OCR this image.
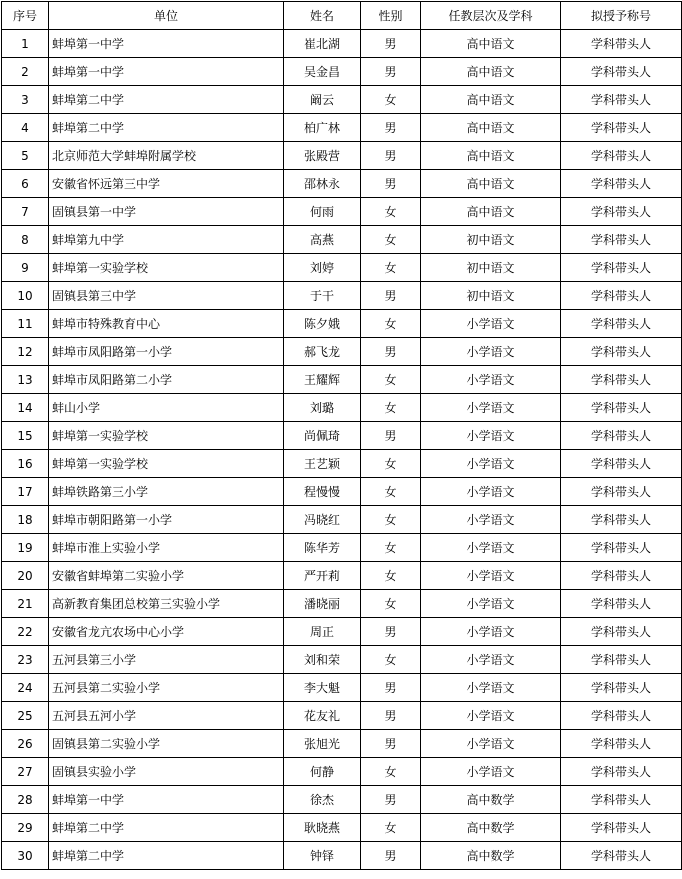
序号	单位	姓名	性别	任教层次及学科	拟授予称号
1	蚌埠第一中学	崔北湖	男	高中语文	学科带头人
2	蚌埠第一中学	吴金昌	男	高中语文	学科带头人
3	蚌埠第二中学	阚云	女	高中语文	学科带头人
4	蚌埠第二中学	柏广林	男	高中语文	学科带头人
5	北京师范大学蚌埠附属学校	张殿营	男	高中语文	学科带头人
6	安徽省怀远第三中学	邵林永	男	高中语文	学科带头人
7	固镇县第一中学	何雨	女	高中语文	学科带头人
8	蚌埠第九中学	高燕	女	初中语文	学科带头人
9	蚌埠第一实验学校	刘婷	女	初中语文	学科带头人
10	固镇县第三中学	于干	男	初中语文	学科带头人
11	蚌埠市特殊教育中心	陈夕娥	女	小学语文	学科带头人
12	蚌埠市凤阳路第一小学	郝飞龙	男	小学语文	学科带头人
13	蚌埠市凤阳路第二小学	王耀辉	女	小学语文	学科带头人
14	蚌山小学	刘璐	女	小学语文	学科带头人
15	蚌埠第一实验学校	尚佩琦	男	小学语文	学科带头人
16	蚌埠第一实验学校	王艺颖	女	小学语文	学科带头人
17	蚌埠铁路第三小学	程慢慢	女	小学语文	学科带头人
18	蚌埠市朝阳路第一小学	冯晓红	女	小学语文	学科带头人
19	蚌埠市淮上实验小学	陈华芳	女	小学语文	学科带头人
20	安徽省蚌埠第二实验小学	严开莉	女	小学语文	学科带头人
21	高新教育集团总校第三实验小学	潘晓丽	女	小学语文	学科带头人
22	安徽省龙亢农场中心小学	周正	男	小学语文	学科带头人
23	五河县第三小学	刘和荣	女	小学语文	学科带头人
24	五河县第二实验小学	李大魁	男	小学语文	学科带头人
25	五河县五河小学	花友礼	男	小学语文	学科带头人
26	固镇县第二实验小学	张旭光	男	小学语文	学科带头人
27	固镇县实验小学	何静	女	小学语文	学科带头人
28	蚌埠第一中学	徐杰	男	高中数学	学科带头人
29	蚌埠第二中学	耿晓燕	女	高中数学	学科带头人
30	蚌埠第二中学	钟铎	男	高中数学	学科带头人
